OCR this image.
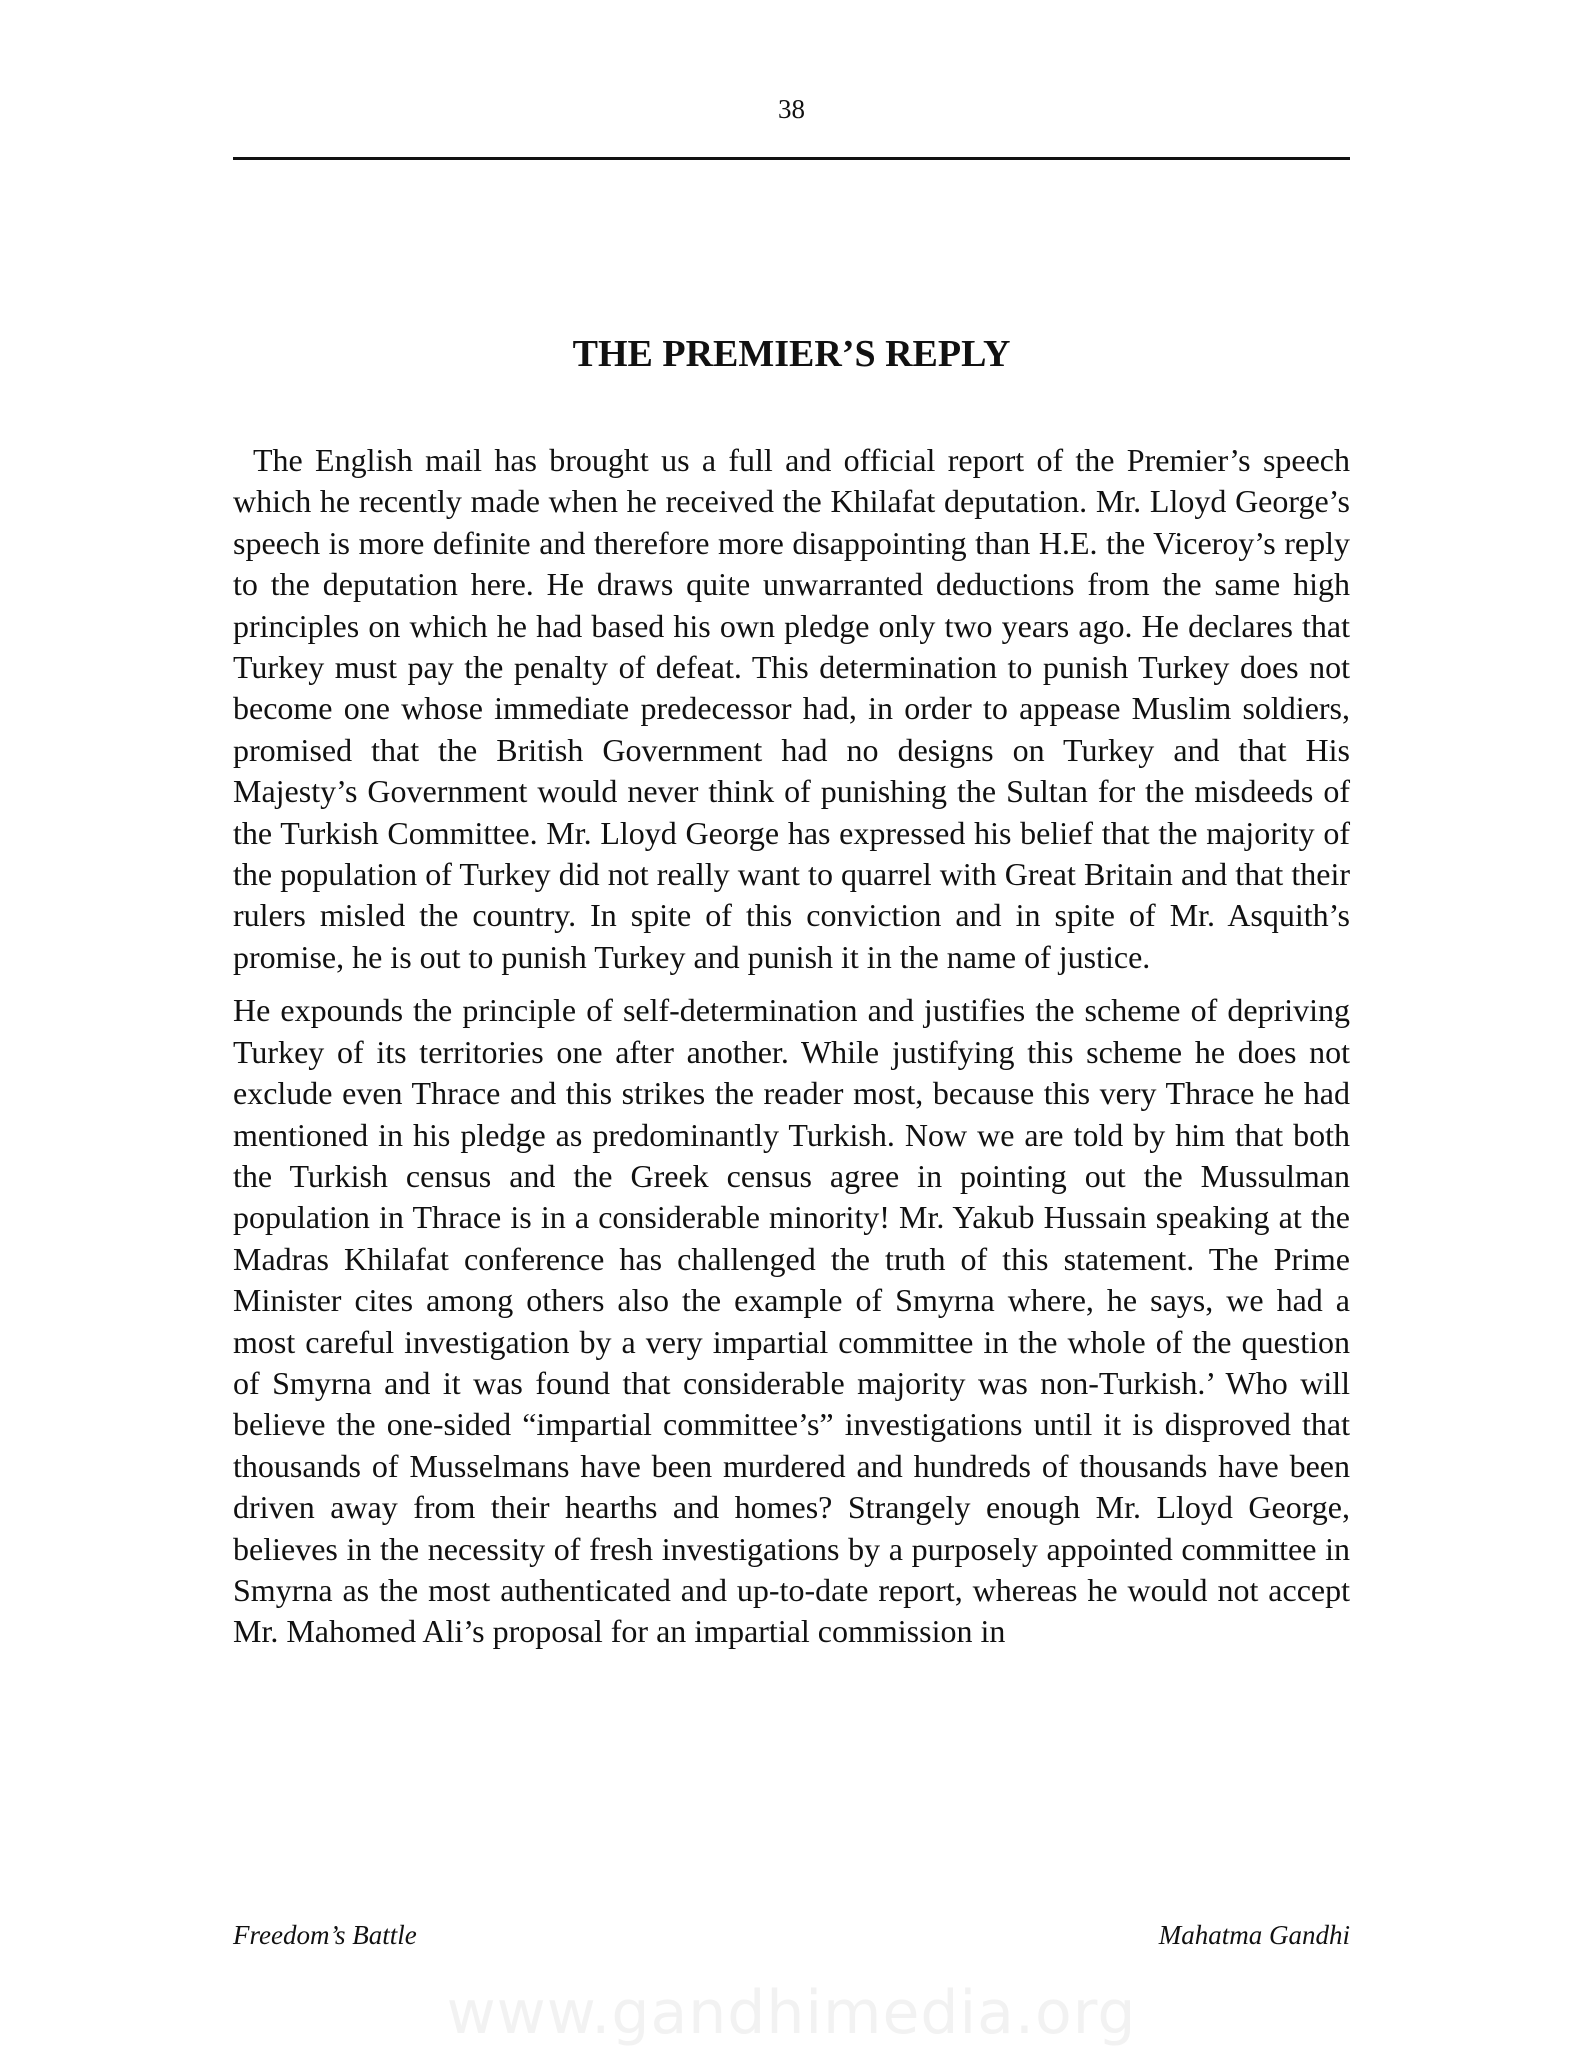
38
THE PREMIER’S REPLY

The English mail has brought us a full and official report of the Premier’s speech which he recently made when he received the Khilafat deputation. Mr. Lloyd George’s speech is more definite and therefore more disappointing than H.E. the Viceroy’s reply to the deputation here. He draws quite unwarranted deductions from the same high principles on which he had based his own pledge only two years ago. He declares that Turkey must pay the penalty of defeat. This determination to punish Turkey does not become one whose immediate predecessor had, in order to appease Muslim soldiers, promised that the British Government had no designs on Turkey and that His Majesty’s Government would never think of punishing the Sultan for the misdeeds of the Turkish Committee. Mr. Lloyd George has expressed his belief that the majority of the population of Turkey did not really want to quarrel with Great Britain and that their rulers misled the country. In spite of this conviction and in spite of Mr. Asquith’s promise, he is out to punish Turkey and punish it in the name of justice.

He expounds the principle of self-determination and justifies the scheme of depriving Turkey of its territories one after another. While justifying this scheme he does not exclude even Thrace and this strikes the reader most, because this very Thrace he had mentioned in his pledge as predominantly Turkish. Now we are told by him that both the Turkish census and the Greek census agree in pointing out the Mussulman population in Thrace is in a considerable minority! Mr. Yakub Hussain speaking at the Madras Khilafat conference has challenged the truth of this statement. The Prime Minister cites among others also the example of Smyrna where, he says, we had a most careful investigation by a very impartial committee in the whole of the question of Smyrna and it was found that considerable majority was non-Turkish.’ Who will believe the one-sided “impartial committee’s” investigations until it is disproved that thousands of Musselmans have been murdered and hundreds of thousands have been driven away from their hearths and homes? Strangely enough Mr. Lloyd George, believes in the necessity of fresh investigations by a purposely appointed committee in Smyrna as the most authenticated and up-to-date report, whereas he would not accept Mr. Mahomed Ali’s proposal for an impartial commission in

Freedom’s Battle	Mahatma Gandhi
www.gandhimedia.org
